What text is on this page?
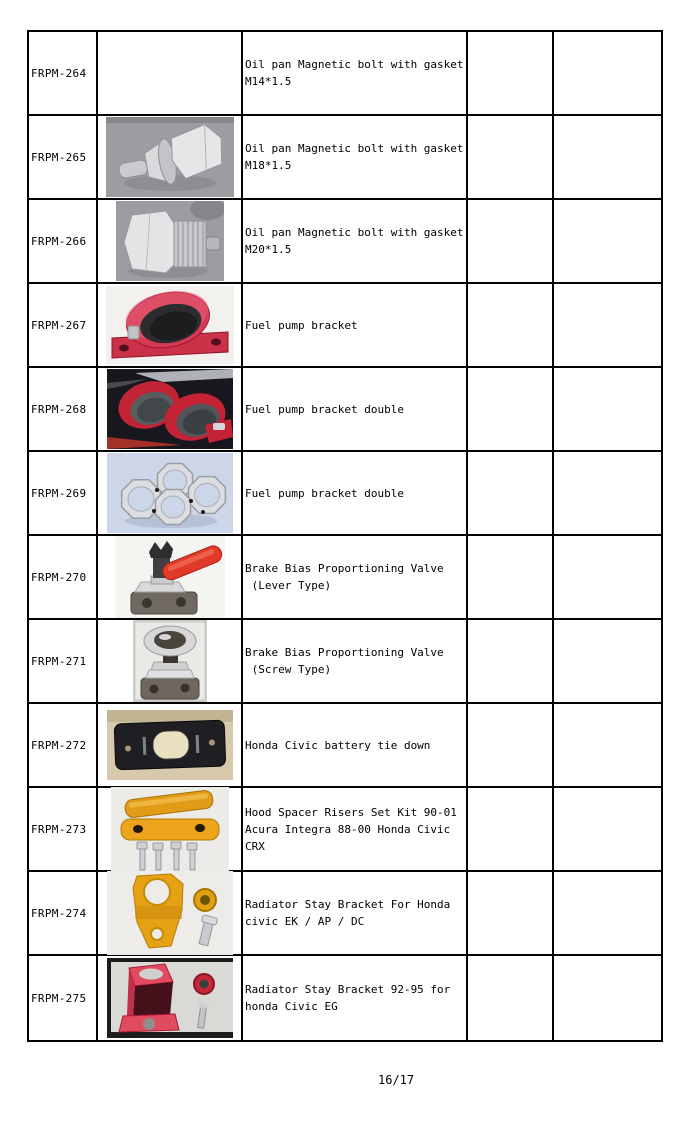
FRPM-264
Oil pan Magnetic bolt with gasket
M14*1.5
FRPM-265
Oil pan Magnetic bolt with gasket
M18*1.5
FRPM-266
Oil pan Magnetic bolt with gasket
M20*1.5
FRPM-267	Fuel pump bracket
FRPM-268	Fuel pump bracket double
FRPM-269	Fuel pump bracket double
FRPM-270
Brake Bias Proportioning Valve
(Lever Type)
FRPM-271
Brake Bias Proportioning Valve
(Screw Type)
FRPM-272	Honda Civic battery tie down
FRPM-273
Hood Spacer Risers Set Kit 90-01
Acura Integra 88-00 Honda Civic
CRX
FRPM-274
Radiator Stay Bracket For Honda
civic EK / AP / DC
FRPM-275
Radiator Stay Bracket 92-95 for
honda Civic EG
16/17
